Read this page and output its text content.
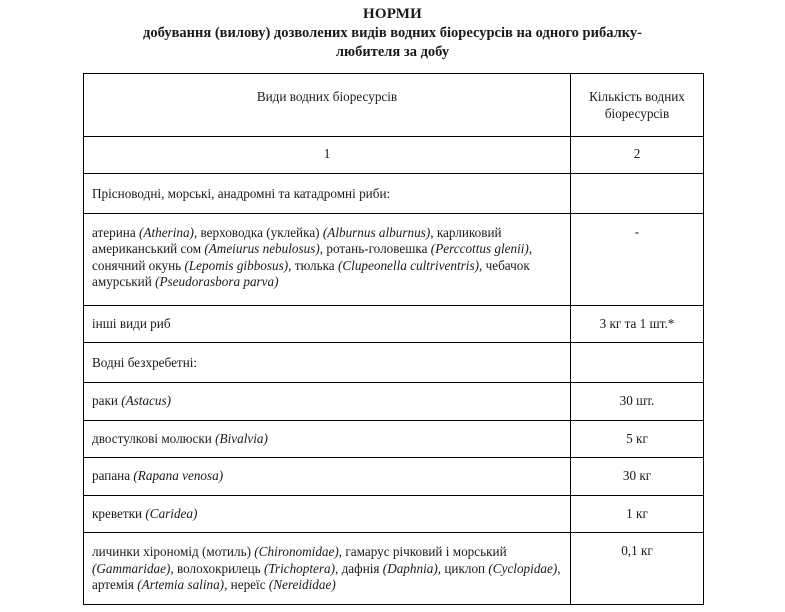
НОРМИ
добування (вилову) дозволених видів водних біоресурсів на одного рибалку-любителя за добу
Види водних біоресурсів	Кількість водних біоресурсів
1	2
Прісноводні, морські, анадромні та катадромні риби:	
атерина (Atherina), верховодка (уклейка) (Alburnus alburnus), карликовий американський сом (Ameiurus nebulosus), ротань-головешка (Perccottus glenii), сонячний окунь (Lepomis gibbosus), тюлька (Clupeonella cultriventris), чебачок амурський (Pseudorasbora parva)	-
інші види риб	3 кг та 1 шт.*
Водні безхребетні:	
раки (Astacus)	30 шт.
двостулкові молюски (Bivalvia)	5 кг
рапана (Rapana venosa)	30 кг
креветки (Caridea)	1 кг
личинки хірономід (мотиль) (Chironomidae), гамарус річковий і морський (Gammaridae), волохокрилець (Trichoptera), дафнія (Daphnia), циклоп (Cyclopidae), артемія (Artemia salina), нереїс (Nereididae)	0,1 кг
